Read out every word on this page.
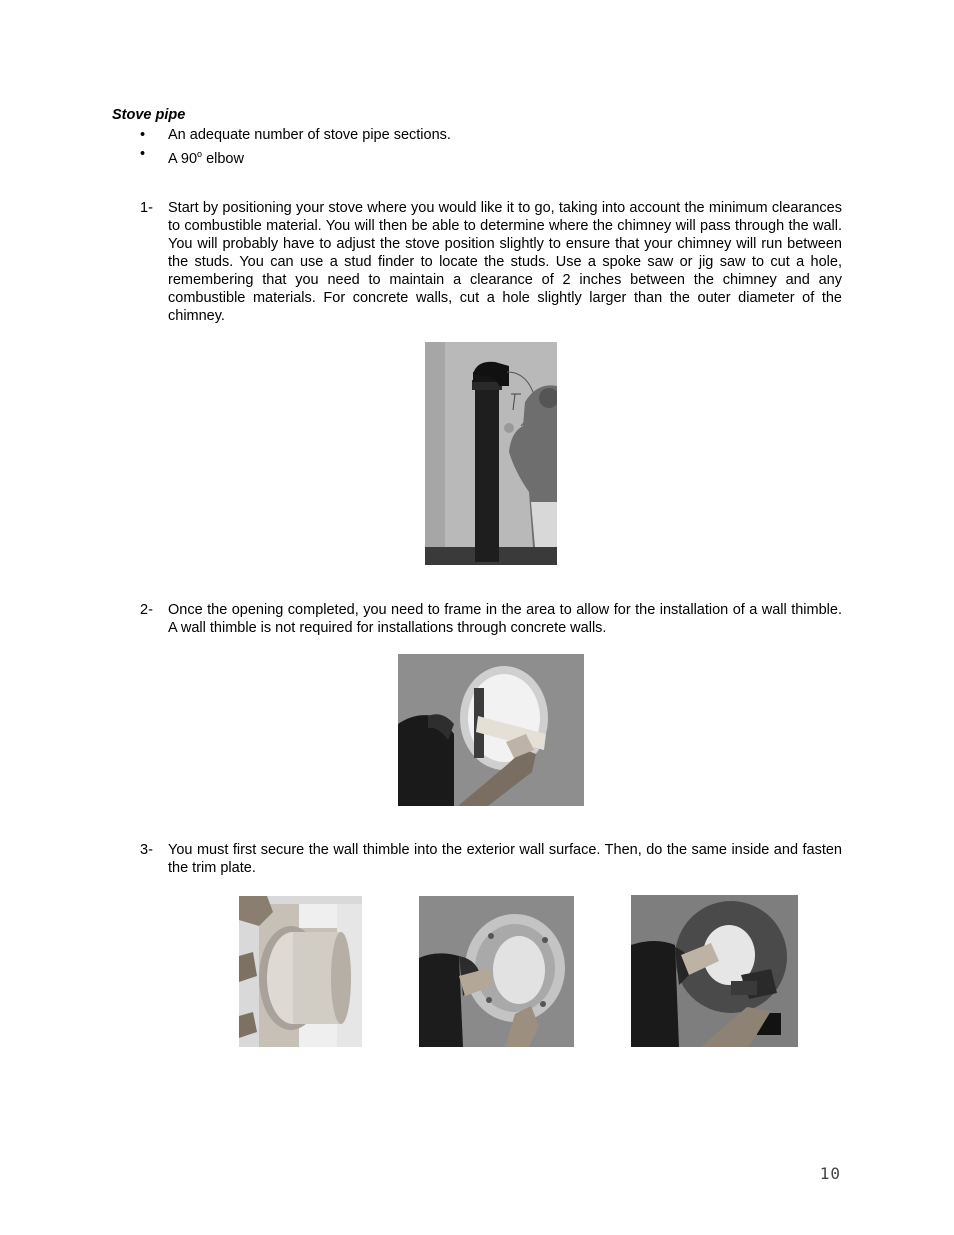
Stove pipe
• An adequate number of stove pipe sections.
• A 90$^o$ elbow
1- Start by positioning your stove where you would like it to go, taking into account the minimum clearances to combustible material. You will then be able to determine where the chimney will pass through the wall. You will probably have to adjust the stove position slightly to ensure that your chimney will run between the studs. You can use a stud finder to locate the studs. Use a spoke saw or jig saw to cut a hole, remembering that you need to maintain a clearance of 2 inches between the chimney and any combustible materials. For concrete walls, cut a hole slightly larger than the outer diameter of the chimney.
2- Once the opening completed, you need to frame in the area to allow for the installation of a wall thimble. A wall thimble is not required for installations through concrete walls.
3- You must first secure the wall thimble into the exterior wall surface. Then, do the same inside and fasten the trim plate.
10
